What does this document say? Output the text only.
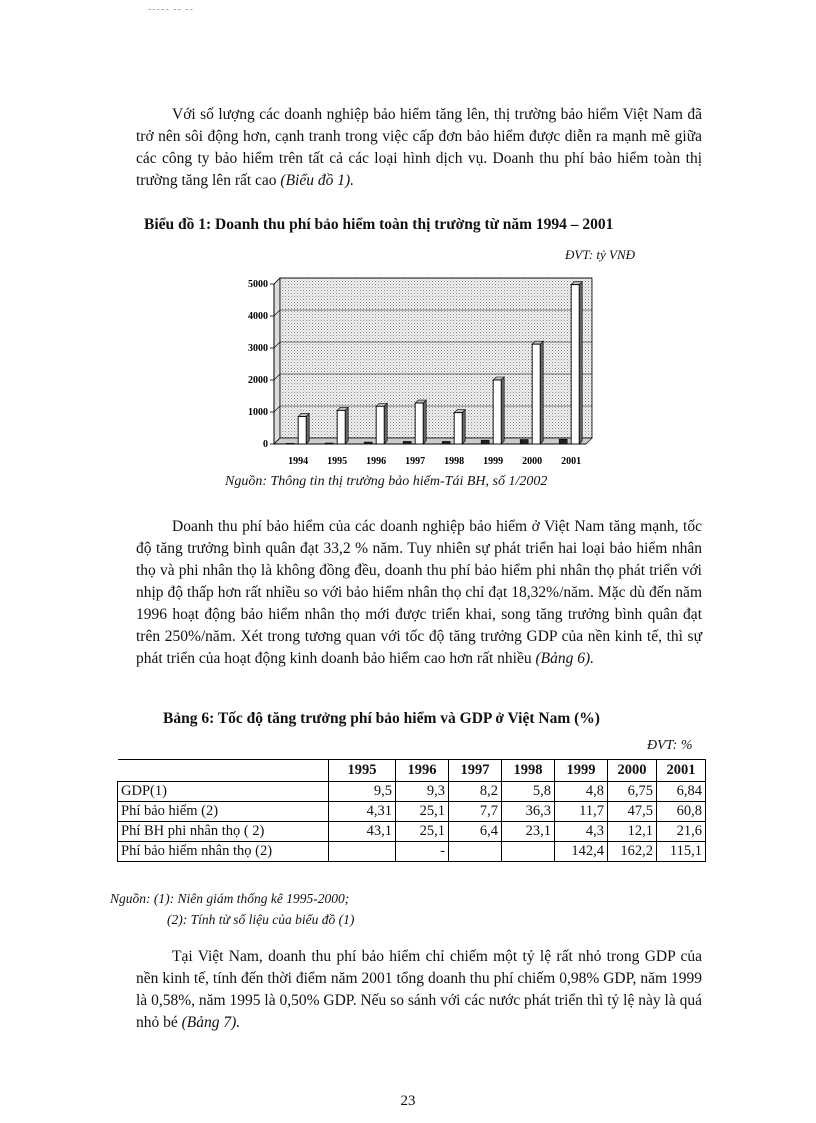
----- -- --

Với số lượng các doanh nghiệp bảo hiểm tăng lên, thị trường bảo hiểm Việt Nam đã trở nên sôi động hơn, cạnh tranh trong việc cấp đơn bảo hiểm được diễn ra mạnh mẽ giữa các công ty bảo hiểm trên tất cả các loại hình dịch vụ. Doanh thu phí bảo hiểm toàn thị trường tăng lên rất cao (Biểu đồ 1).

Biểu đồ 1: Doanh thu phí bảo hiểm toàn thị trường từ năm 1994 – 2001
ĐVT: tỷ VNĐ
0
1000
2000
3000
4000
5000
1994 1995 1996 1997 1998 1999 2000 2001
Nguồn: Thông tin thị trường bảo hiểm-Tái BH, số 1/2002

Doanh thu phí bảo hiểm của các doanh nghiệp bảo hiểm ở Việt Nam tăng mạnh, tốc độ tăng trưởng bình quân đạt 33,2 % năm. Tuy nhiên sự phát triển hai loại bảo hiểm nhân thọ và phi nhân thọ là không đồng đều, doanh thu phí bảo hiểm phi nhân thọ phát triển với nhịp độ thấp hơn rất nhiều so với bảo hiểm nhân thọ chỉ đạt 18,32%/năm. Mặc dù đến năm 1996 hoạt động bảo hiểm nhân thọ mới được triển khai, song tăng trưởng bình quân đạt trên 250%/năm. Xét trong tương quan với tốc độ tăng trưởng GDP của nền kinh tế, thì sự phát triển của hoạt động kinh doanh bảo hiểm cao hơn rất nhiều (Bảng 6).

Bảng 6: Tốc độ tăng trưởng phí bảo hiểm và GDP ở Việt Nam (%)
ĐVT: %
	1995	1996	1997	1998	1999	2000	2001
GDP(1)	9,5	9,3	8,2	5,8	4,8	6,75	6,84
Phí bảo hiểm (2)	4,31	25,1	7,7	36,3	11,7	47,5	60,8
Phí BH phi nhân thọ ( 2)	43,1	25,1	6,4	23,1	4,3	12,1	21,6
Phí bảo hiểm nhân thọ (2)		-			142,4	162,2	115,1
Nguồn: (1): Niên giám thống kê 1995-2000;
(2): Tính từ số liệu của biểu đồ (1)

Tại Việt Nam, doanh thu phí bảo hiểm chỉ chiếm một tỷ lệ rất nhỏ trong GDP của nền kinh tế, tính đến thời điểm năm 2001 tổng doanh thu phí chiếm 0,98% GDP, năm 1999 là 0,58%, năm 1995 là 0,50% GDP. Nếu so sánh với các nước phát triển thì tỷ lệ này là quá nhỏ bé (Bảng 7).

23
